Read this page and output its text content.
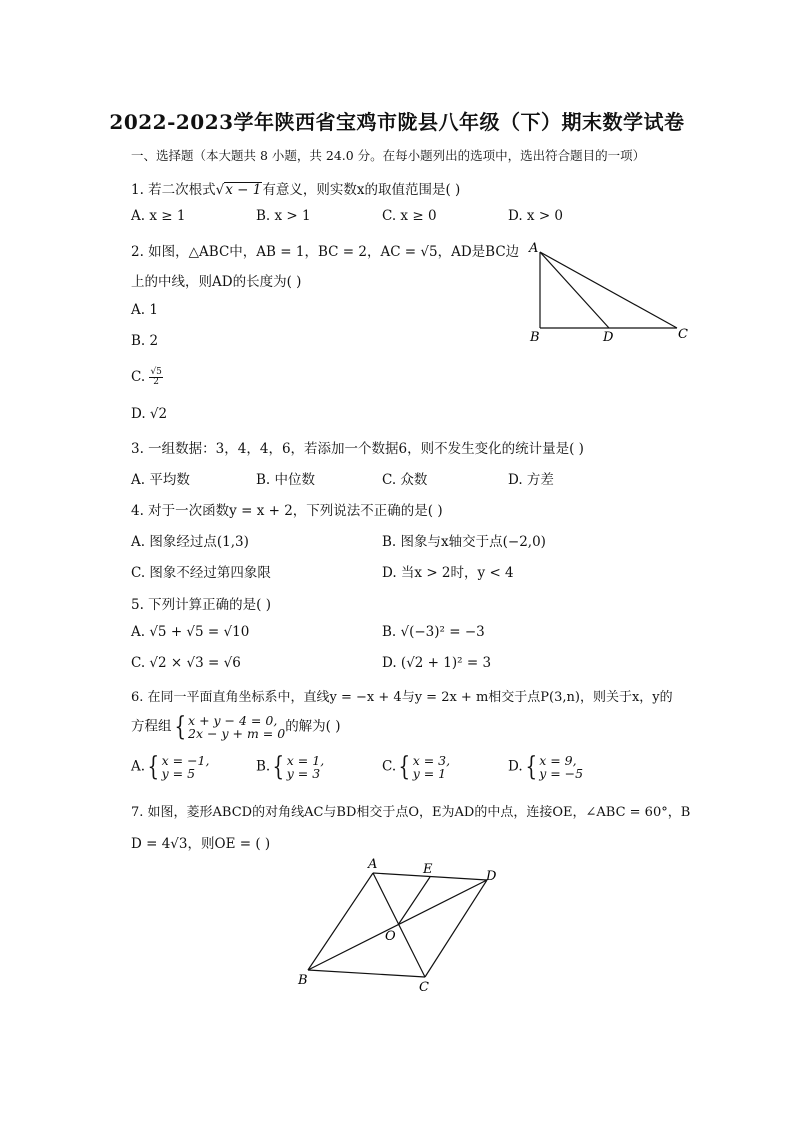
2022-2023学年陕西省宝鸡市陇县八年级（下）期末数学试卷
一、选择题（本大题共 8 小题，共 24.0 分。在每小题列出的选项中，选出符合题目的一项）
1. 若二次根式√x − 1有意义，则实数x的取值范围是( )
A. x ≥ 1	B. x > 1	C. x ≥ 0	D. x > 0
2. 如图，△ABC中，AB = 1，BC = 2，AC = √5，AD是BC边
上的中线，则AD的长度为( )
A. 1
B. 2
C. $\frac{√5}{2}$
D. √2
A
B	D	C
3. 一组数据：3，4，4，6，若添加一个数据6，则不发生变化的统计量是( )
A. 平均数	B. 中位数	C. 众数	D. 方差
4. 对于一次函数y = x + 2，下列说法不正确的是( )
A. 图象经过点(1,3)	B. 图象与x轴交于点(−2,0)
C. 图象不经过第四象限	D. 当x > 2时，y < 4
5. 下列计算正确的是( )
A. √5 + √5 = √10	B. √(−3)² = −3
C. √2 × √3 = √6	D. (√2 + 1)² = 3
6. 在同一平面直角坐标系中，直线y = −x + 4与y = 2x + m相交于点P(3,n)，则关于x，y的
方程组{ x + y − 4 = 0,
2x − y + m = 0 的解为( )
A.{ x = −1,
y = 5	B.{ x = 1,
y = 3	C.{ x = 3,
y = 1	D.{ x = 9,
y = −5
7. 如图，菱形ABCD的对角线AC与BD相交于点O，E为AD的中点，连接OE，∠ABC = 60°，B
D = 4√3，则OE = ( )
A	E	D
O
B	C
